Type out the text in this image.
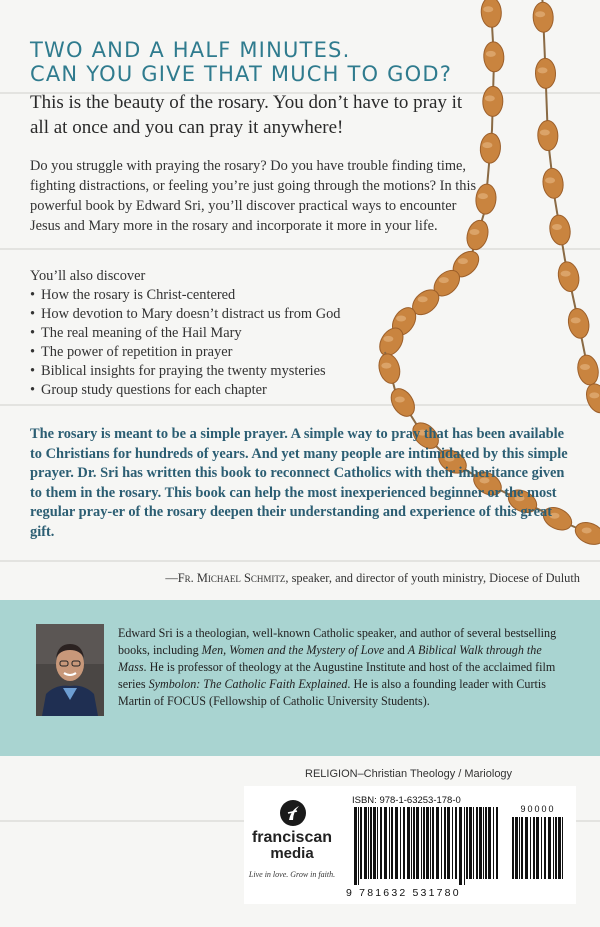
TWO AND A HALF MINUTES.
CAN YOU GIVE THAT MUCH TO GOD?
This is the beauty of the rosary. You don’t have to pray it all at once and you can pray it anywhere!
Do you struggle with praying the rosary? Do you have trouble finding time, fighting distractions, or feeling you’re just going through the motions? In this powerful book by Edward Sri, you’ll discover practical ways to encounter Jesus and Mary more in the rosary and incorporate it more in your life.
You’ll also discover
• How the rosary is Christ-centered
• How devotion to Mary doesn’t distract us from God
• The real meaning of the Hail Mary
• The power of repetition in prayer
• Biblical insights for praying the twenty mysteries
• Group study questions for each chapter
The rosary is meant to be a simple prayer. A simple way to pray that has been available to Christians for hundreds of years. And yet many people are intimidated by this simple prayer. Dr. Sri has written this book to reconnect Catholics with their inheritance given to them in the rosary. This book can help the most inexperienced beginner or the most regular pray-er of the rosary deepen their understanding and experience of this great gift.
—Fr. Michael Schmitz, speaker, and director of youth ministry, Diocese of Duluth
Edward Sri is a theologian, well-known Catholic speaker, and author of several bestselling books, including Men, Women and the Mystery of Love and A Biblical Walk through the Mass. He is professor of theology at the Augustine Institute and host of the acclaimed film series Symbolon: The Catholic Faith Explained. He is also a founding leader with Curtis Martin of FOCUS (Fellowship of Catholic University Students).
RELIGION–Christian Theology / Mariology
franciscan
media
Live in love. Grow in faith.
ISBN: 978-1-63253-178-0
90000
9 781632 531780
